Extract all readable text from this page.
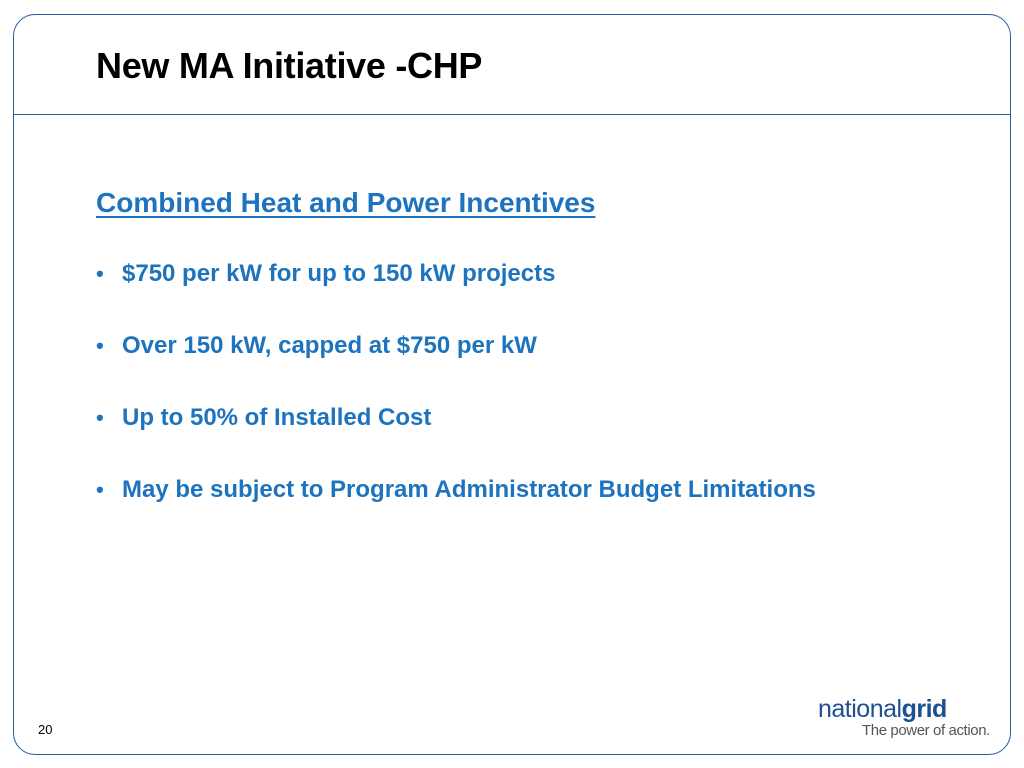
New MA Initiative -CHP
Combined Heat and Power Incentives
• $750 per kW for up to 150 kW projects
• Over 150 kW, capped at $750 per kW
• Up to 50% of Installed Cost
• May be subject to Program Administrator Budget Limitations
20
nationalgrid
The power of action.
